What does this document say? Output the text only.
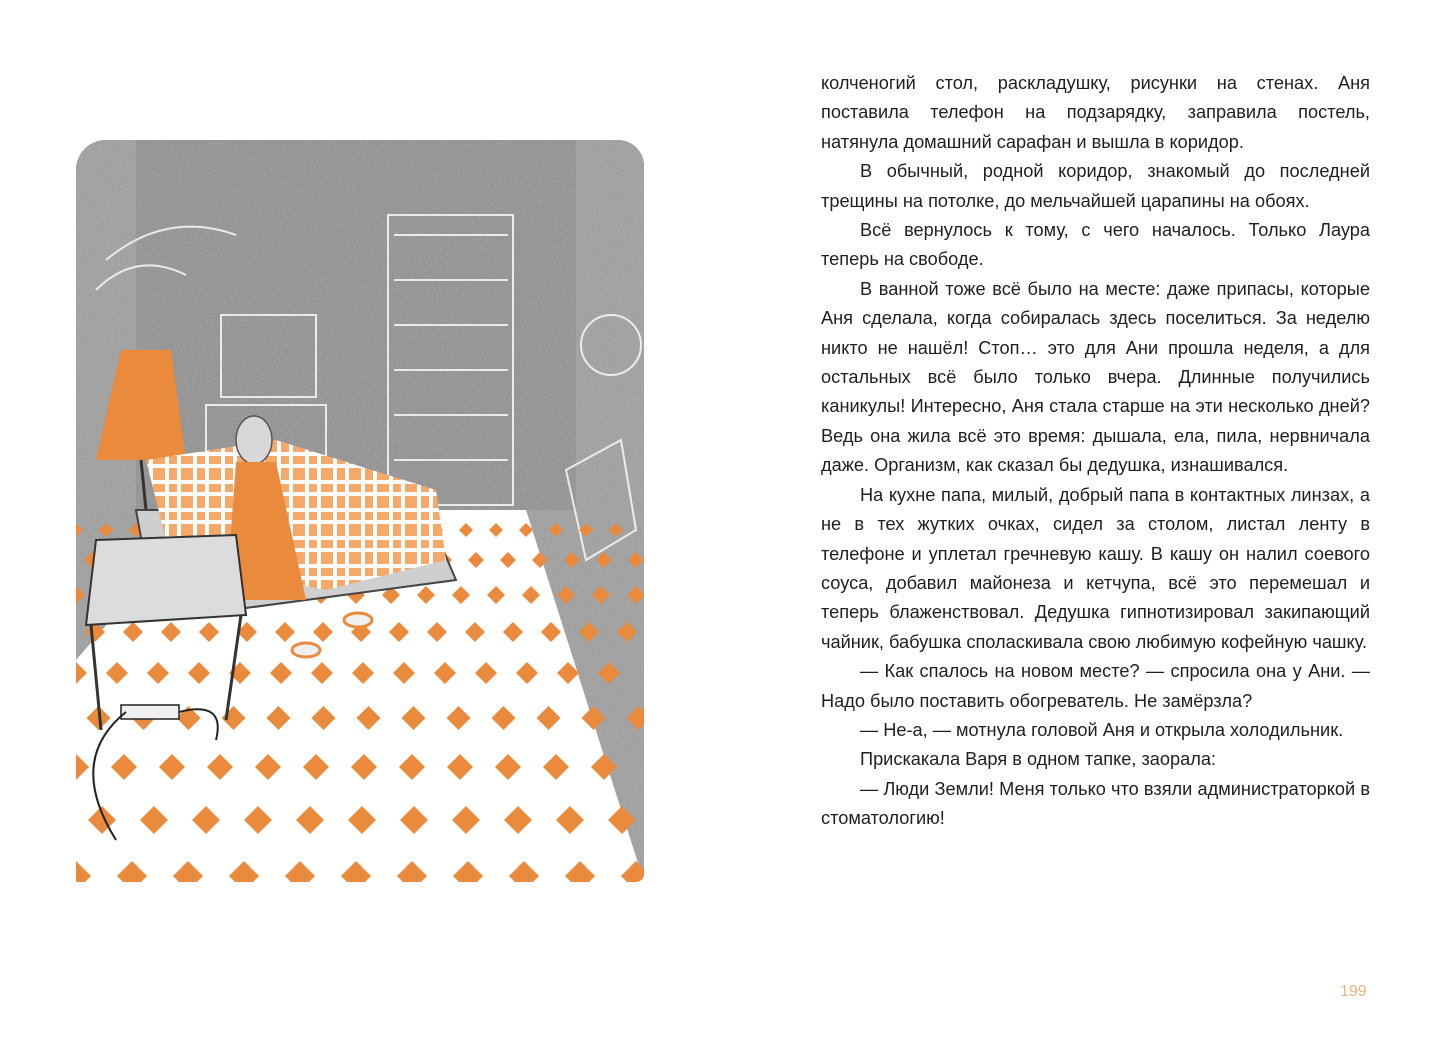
колченогий стол, раскладушку, рисунки на стенах. Аня поставила телефон на подзарядку, заправила постель, натянула домашний сарафан и вышла в коридор.

В обычный, родной коридор, знакомый до последней трещины на потолке, до мельчайшей царапины на обоях.

Всё вернулось к тому, с чего началось. Только Лаура теперь на свободе.

В ванной тоже всё было на месте: даже припасы, которые Аня сделала, когда собиралась здесь поселиться. За неделю никто не нашёл! Стоп… это для Ани прошла неделя, а для остальных всё было только вчера. Длинные получились каникулы! Интересно, Аня стала старше на эти несколько дней? Ведь она жила всё это время: дышала, ела, пила, нервничала даже. Организм, как сказал бы дедушка, изнашивался.

На кухне папа, милый, добрый папа в контактных линзах, а не в тех жутких очках, сидел за столом, листал ленту в телефоне и уплетал гречневую кашу. В кашу он налил соевого соуса, добавил майонеза и кетчупа, всё это перемешал и теперь блаженствовал. Дедушка гипнотизировал закипающий чайник, бабушка споласкивала свою любимую кофейную чашку.

— Как спалось на новом месте? — спросила она у Ани. — Надо было поставить обогреватель. Не замёрзла?

— Не-а, — мотнула головой Аня и открыла холодильник.

Прискакала Варя в одном тапке, заорала:

— Люди Земли! Меня только что взяли администраторкой в стоматологию!

199
